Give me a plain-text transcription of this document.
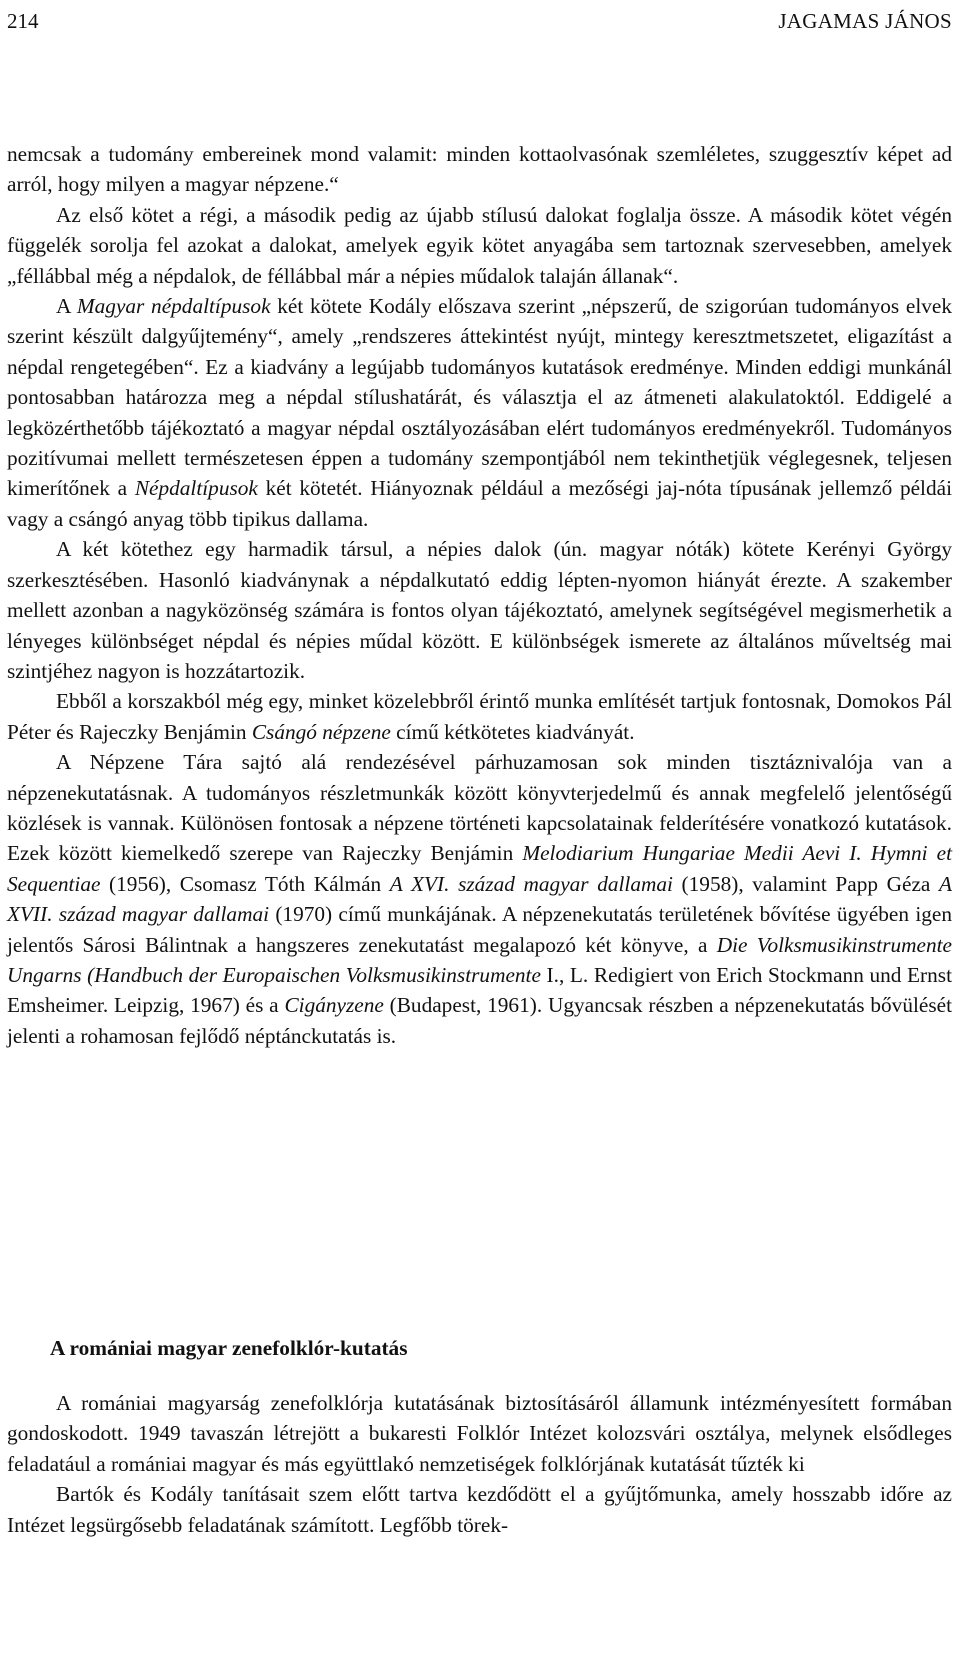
214	JAGAMAS JÁNOS

nemcsak a tudomány embereinek mond valamit: minden kottaolvasónak szemléletes, szuggesztív képet ad arról, hogy milyen a magyar népzene.“

Az első kötet a régi, a második pedig az újabb stílusú dalokat foglalja össze. A második kötet végén függelék sorolja fel azokat a dalokat, amelyek egyik kötet anyagába sem tartoznak szervesebben, amelyek „féllábbal még a népdalok, de féllábbal már a népies műdalok talaján állanak“.

A Magyar népdaltípusok két kötete Kodály előszava szerint „népszerű, de szigorúan tudományos elvek szerint készült dalgyűjtemény“, amely „rendszeres áttekintést nyújt, mintegy keresztmetszetet, eligazítást a népdal rengetegében“. Ez a kiadvány a legújabb tudományos kutatások eredménye. Minden eddigi munkánál pontosabban határozza meg a népdal stílushatárát, és választja el az átmeneti alakulatoktól. Eddigelé a legközérthetőbb tájékoztató a magyar népdal osztályozásában elért tudományos eredményekről. Tudományos pozitívumai mellett természetesen éppen a tudomány szempontjából nem tekinthetjük véglegesnek, teljesen kimerítőnek a Népdaltípusok két kötetét. Hiányoznak például a mezőségi jaj-nóta típusának jellemző példái vagy a csángó anyag több tipikus dallama.

A két kötethez egy harmadik társul, a népies dalok (ún. magyar nóták) kötete Kerényi György szerkesztésében. Hasonló kiadványnak a népdalkutató eddig lépten-nyomon hiányát érezte. A szakember mellett azonban a nagyközönség számára is fontos olyan tájékoztató, amelynek segítségével megismerhetik a lényeges különbséget népdal és népies műdal között. E különbségek ismerete az általános műveltség mai szintjéhez nagyon is hozzátartozik.

Ebből a korszakból még egy, minket közelebbről érintő munka említését tartjuk fontosnak, Domokos Pál Péter és Rajeczky Benjámin Csángó népzene című kétkötetes kiadványát.

A Népzene Tára sajtó alá rendezésével párhuzamosan sok minden tisztáznivalója van a népzenekutatásnak. A tudományos részletmunkák között könyvterjedelmű és annak megfelelő jelentőségű közlések is vannak. Különösen fontosak a népzene történeti kapcsolatainak felderítésére vonatkozó kutatások. Ezek között kiemelkedő szerepe van Rajeczky Benjámin Melodiarium Hungariae Medii Aevi I. Hymni et Sequentiae (1956), Csomasz Tóth Kálmán A XVI. század magyar dallamai (1958), valamint Papp Géza A XVII. század magyar dallamai (1970) című munkájának. A népzenekutatás területének bővítése ügyében igen jelentős Sárosi Bálintnak a hangszeres zenekutatást megalapozó két könyve, a Die Volksmusikinstrumente Ungarns (Handbuch der Europaischen Volksmusikinstrumente I., L. Redigiert von Erich Stockmann und Ernst Emsheimer. Leipzig, 1967) és a Cigányzene (Budapest, 1961). Ugyancsak részben a népzenekutatás bővülését jelenti a rohamosan fejlődő néptánckutatás is.

A romániai magyar zenefolklór-kutatás

A romániai magyarság zenefolklórja kutatásának biztosításáról államunk intézményesített formában gondoskodott. 1949 tavaszán létrejött a bukaresti Folklór Intézet kolozsvári osztálya, melynek elsődleges feladatául a romániai magyar és más együttlakó nemzetiségek folklórjának kutatását tűzték ki

Bartók és Kodály tanításait szem előtt tartva kezdődött el a gyűjtőmunka, amely hosszabb időre az Intézet legsürgősebb feladatának számított. Legfőbb törek-
